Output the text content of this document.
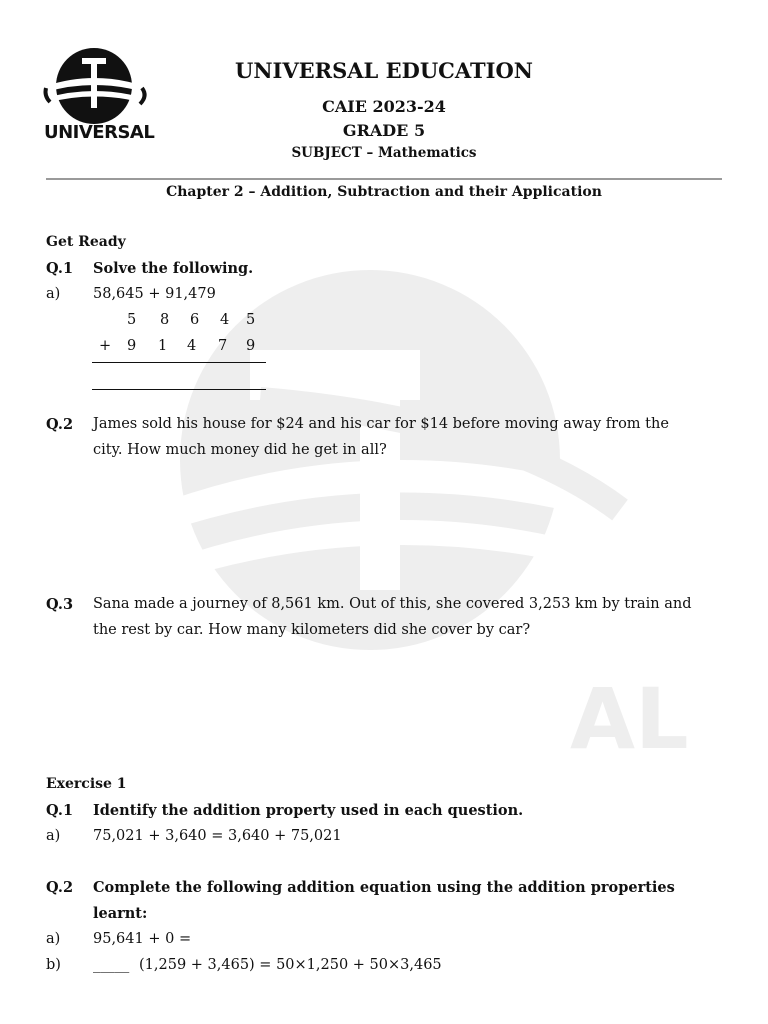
AL
UNIVERSAL
UNIVERSAL EDUCATION
CAIE 2023-24
GRADE 5
SUBJECT – Mathematics
Chapter 2 – Addition, Subtraction and their Application
Get Ready
Q.1 Solve the following.
a) 58,645 + 91,479
5 8 6 4 5
+ 9 1 4 7 9
Q.2 James sold his house for $24 and his car for $14 before moving away from the
city. How much money did he get in all?
Q.3 Sana made a journey of 8,561 km. Out of this, she covered 3,253 km by train and
the rest by car. How many kilometers did she cover by car?
Exercise 1
Q.1 Identify the addition property used in each question.
a) 75,021 + 3,640 = 3,640 + 75,021
Q.2 Complete the following addition equation using the addition properties
learnt:
a) 95,641 + 0 =
b) _____ (1,259 + 3,465) = 50×1,250 + 50×3,465
